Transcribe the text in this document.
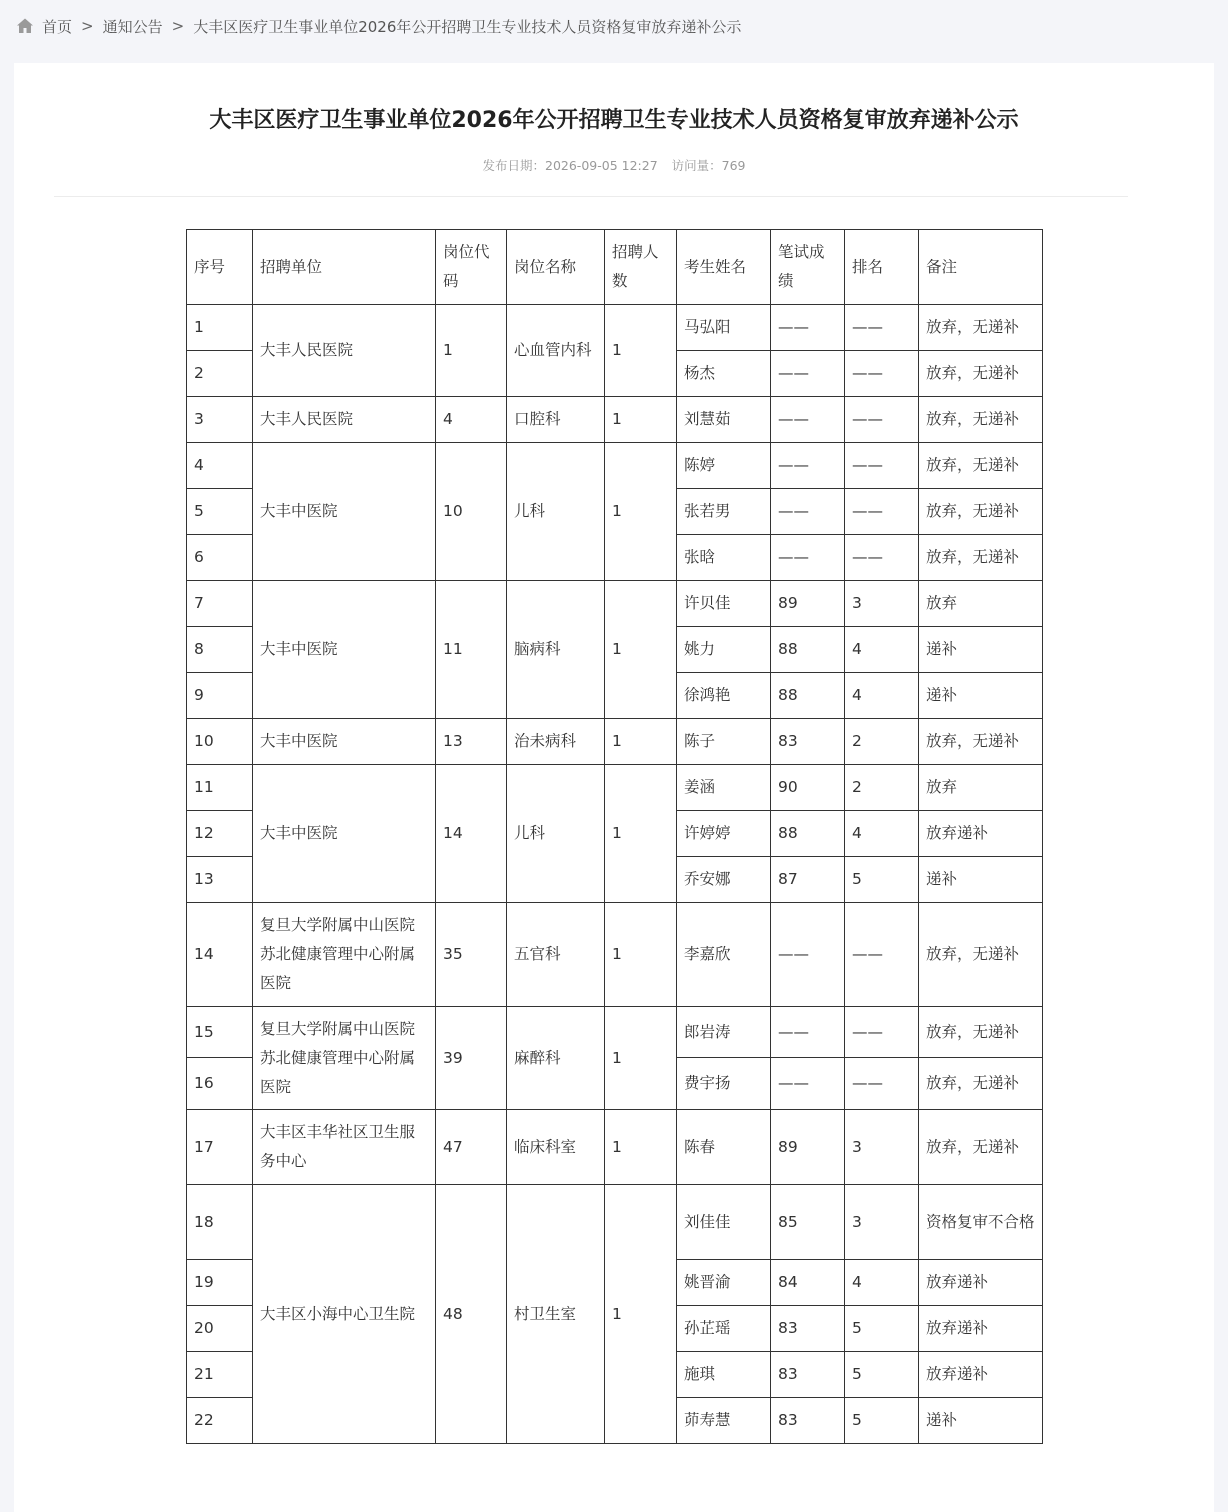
首页 > 通知公告 > 大丰区医疗卫生事业单位2026年公开招聘卫生专业技术人员资格复审放弃递补公示
大丰区医疗卫生事业单位2026年公开招聘卫生专业技术人员资格复审放弃递补公示
发布日期：2026-09-05 12:27 访问量：769
序号	招聘单位	岗位代码	岗位名称	招聘人数	考生姓名	笔试成绩	排名	备注
1	大丰人民医院	1	心血管内科	1	马弘阳	——	——	放弃，无递补
2					杨杰	——	——	放弃，无递补
3	大丰人民医院	4	口腔科	1	刘慧茹	——	——	放弃，无递补
4	大丰中医院	10	儿科	1	陈婷	——	——	放弃，无递补
5					张若男	——	——	放弃，无递补
6					张晗	——	——	放弃，无递补
7	大丰中医院	11	脑病科	1	许贝佳	89	3	放弃
8					姚力	88	4	递补
9					徐鸿艳	88	4	递补
10	大丰中医院	13	治未病科	1	陈子	83	2	放弃，无递补
11	大丰中医院	14	儿科	1	姜涵	90	2	放弃
12					许婷婷	88	4	放弃递补
13					乔安娜	87	5	递补
14	复旦大学附属中山医院苏北健康管理中心附属医院	35	五官科	1	李嘉欣	——	——	放弃，无递补
15	复旦大学附属中山医院苏北健康管理中心附属医院	39	麻醉科	1	郎岩涛	——	——	放弃，无递补
16					费宇扬	——	——	放弃，无递补
17	大丰区丰华社区卫生服务中心	47	临床科室	1	陈春	89	3	放弃，无递补
18	大丰区小海中心卫生院	48	村卫生室	1	刘佳佳	85	3	资格复审不合格
19					姚晋渝	84	4	放弃递补
20					孙芷瑶	83	5	放弃递补
21					施琪	83	5	放弃递补
22					茆寿慧	83	5	递补
